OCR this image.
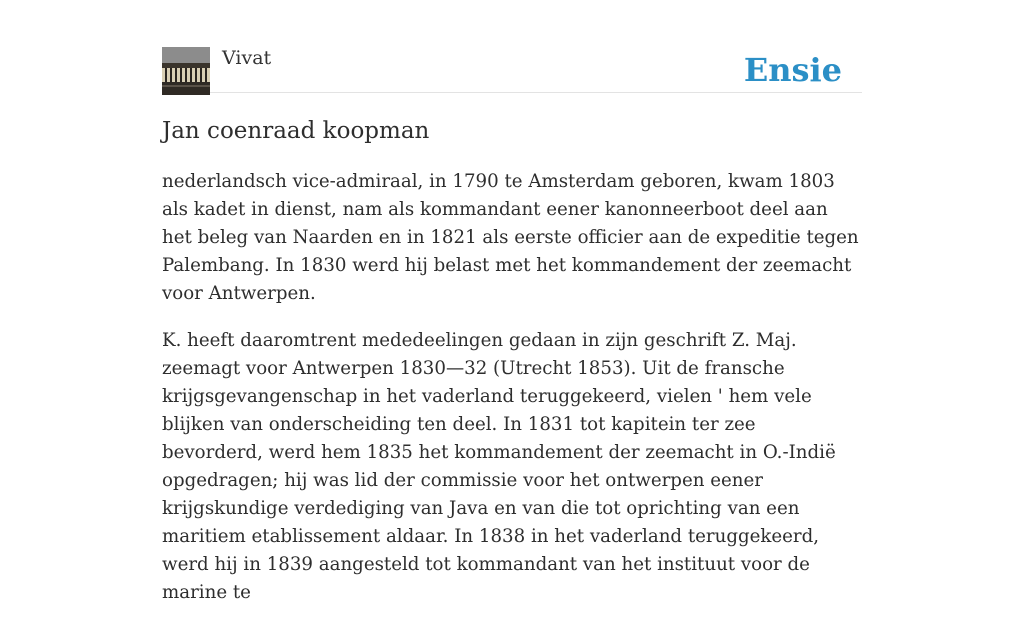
Vivat	Ensie
Jan coenraad koopman

nederlandsch vice-admiraal, in 1790 te Amsterdam geboren, kwam 1803 als kadet in dienst, nam als kommandant eener kanonneerboot deel aan het beleg van Naarden en in 1821 als eerste officier aan de expeditie tegen Palembang. In 1830 werd hij belast met het kommandement der zeemacht voor Antwerpen.

K. heeft daaromtrent mededeelingen gedaan in zijn geschrift Z. Maj. zeemagt voor Antwerpen 1830—32 (Utrecht 1853). Uit de fransche krijgsgevangenschap in het vaderland teruggekeerd, vielen ' hem vele blijken van onderscheiding ten deel. In 1831 tot kapitein ter zee bevorderd, werd hem 1835 het kommandement der zeemacht in O.-Indië opgedragen; hij was lid der commissie voor het ontwerpen eener krijgskundige verdediging van Java en van die tot oprichting van een maritiem etablissement aldaar. In 1838 in het vaderland teruggekeerd, werd hij in 1839 aangesteld tot kommandant van het instituut voor de marine te
